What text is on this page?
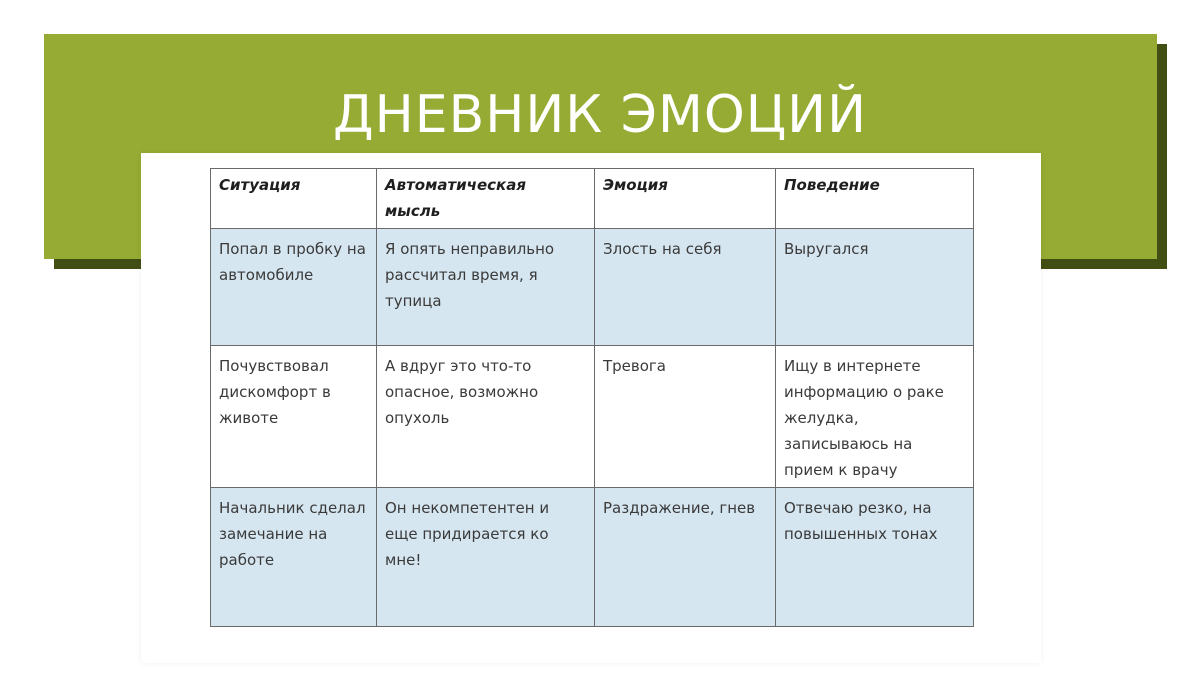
ДНЕВНИК ЭМОЦИЙ
Ситуация	Автоматическая мысль	Эмоция	Поведение
Попал в пробку на автомобиле	Я опять неправильно рассчитал время, я тупица	Злость на себя	Выругался
Почувствовал дискомфорт в животе	А вдруг это что-то опасное, возможно опухоль	Тревога	Ищу в интернете информацию о раке желудка, записываюсь на прием к врачу
Начальник сделал замечание на работе	Он некомпетентен и еще придирается ко мне!	Раздражение, гнев	Отвечаю резко, на повышенных тонах
